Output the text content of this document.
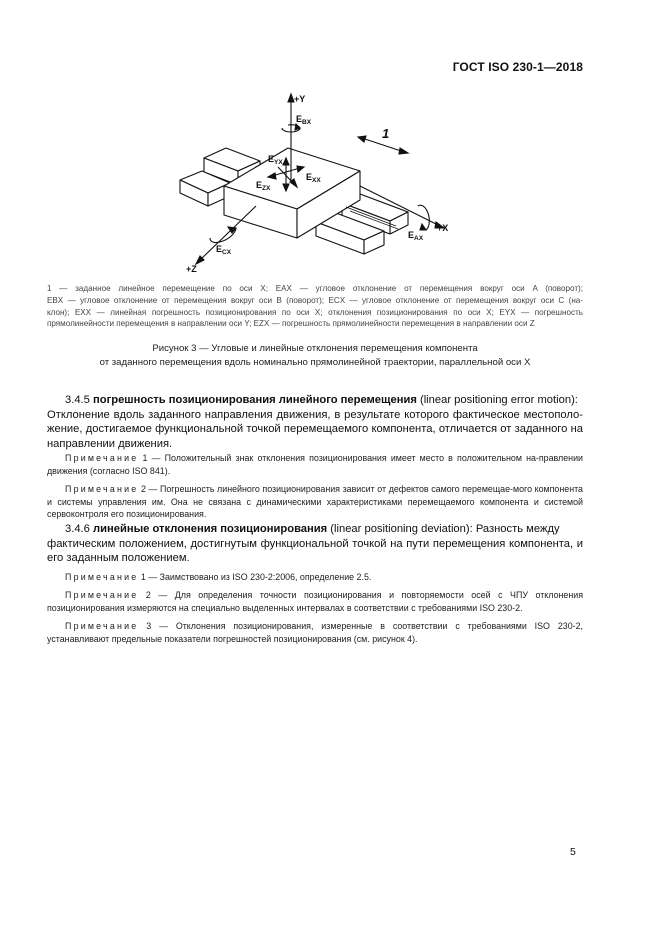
ГОСТ ISO 230-1—2018
+Y
$E_{BX}$
1
$E_{YX}$
$E_{ZX}$
$E_{XX}$
$E_{AX}$
+X
$E_{CX}$
+Z
1 — заданное линейное перемещение по оси X; EAX — угловое отклонение от перемещения вокруг оси A (поворот);
EBX — угловое отклонение от перемещения вокруг оси B (поворот); ECX — угловое отклонение от перемещения вокруг оси C (на-
клон); EXX — линейная погрешность позиционирования по оси X; отклонения позиционирования по оси X; EYX — погрешность
прямолинейности перемещения в направлении оси Y; EZX — погрешность прямолинейности перемещения в направлении оси Z
Рисунок 3 — Угловые и линейные отклонения перемещения компонента
от заданного перемещения вдоль номинально прямолинейной траектории, параллельной оси X
3.4.5 погрешность позиционирования линейного перемещения (linear positioning error motion):
Отклонение вдоль заданного направления движения, в результате которого фактическое местополо-жение, достигаемое функциональной точкой перемещаемого компонента, отличается от заданного на направлении движения.
Примечание 1 — Положительный знак отклонения позиционирования имеет место в положительном на-правлении движения (согласно ISO 841).
Примечание 2 — Погрешность линейного позиционирования зависит от дефектов самого перемещае-мого компонента и системы управления им. Она не связана с динамическими характеристиками перемещаемого компонента и системой сервоконтроля его позиционирования.
3.4.6 линейные отклонения позиционирования (linear positioning deviation): Разность между
фактическим положением, достигнутым функциональной точкой на пути перемещения компонента, и его заданным положением.
Примечание 1 — Заимствовано из ISO 230-2:2006, определение 2.5.
Примечание 2 — Для определения точности позиционирования и повторяемости осей с ЧПУ отклонения позиционирования измеряются на специально выделенных интервалах в соответствии с требованиями ISO 230-2.
Примечание 3 — Отклонения позиционирования, измеренные в соответствии с требованиями ISO 230-2, устанавливают предельные показатели погрешностей позиционирования (см. рисунок 4).
5
